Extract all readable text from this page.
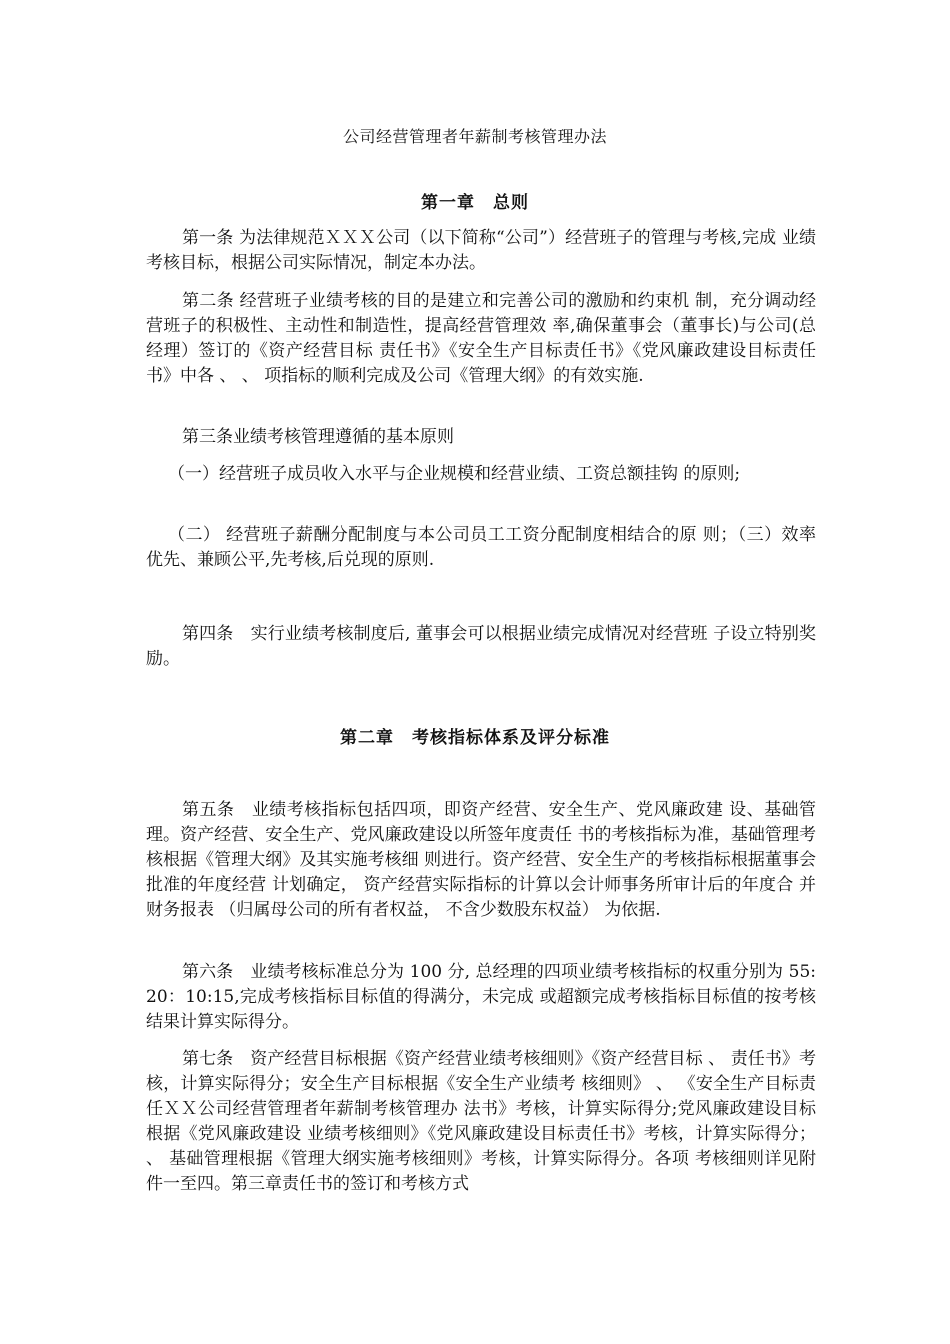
公司经营管理者年薪制考核管理办法
第一章　总则
第一条 为法律规范ＸＸＸ公司（以下简称“公司”）经营班子的管理与考核,完成 业绩考核目标，根据公司实际情况，制定本办法。
第二条 经营班子业绩考核的目的是建立和完善公司的激励和约束机 制，充分调动经营班子的积极性、主动性和制造性，提高经营管理效 率,确保董事会（董事长)与公司(总经理）签订的《资产经营目标 责任书》《安全生产目标责任书》《党风廉政建设目标责任书》中各 、 、 项指标的顺利完成及公司《管理大纲》的有效实施.
第三条业绩考核管理遵循的基本原则
（一）经营班子成员收入水平与企业规模和经营业绩、工资总额挂钩 的原则;
（二） 经营班子薪酬分配制度与本公司员工工资分配制度相结合的原 则；（三）效率优先、兼顾公平,先考核,后兑现的原则.
第四条　实行业绩考核制度后, 董事会可以根据业绩完成情况对经营班 子设立特别奖励。
第二章　考核指标体系及评分标准
第五条　业绩考核指标包括四项，即资产经营、安全生产、党风廉政建 设、基础管理。资产经营、安全生产、党风廉政建设以所签年度责任 书的考核指标为准，基础管理考核根据《管理大纲》及其实施考核细 则进行。资产经营、安全生产的考核指标根据董事会批准的年度经营 计划确定， 资产经营实际指标的计算以会计师事务所审计后的年度合 并财务报表 （归属母公司的所有者权益， 不含少数股东权益） 为依据.
第六条　业绩考核标准总分为 100 分, 总经理的四项业绩考核指标的权重分别为 55:20：10:15,完成考核指标目标值的得满分，未完成 或超额完成考核指标目标值的按考核结果计算实际得分。
第七条　资产经营目标根据《资产经营业绩考核细则》《资产经营目标 、 责任书》考核，计算实际得分；安全生产目标根据《安全生产业绩考 核细则》 、 《安全生产目标责任ＸＸ公司经营管理者年薪制考核管理办 法书》考核，计算实际得分;党风廉政建设目标根据《党风廉政建设 业绩考核细则》《党风廉政建设目标责任书》考核，计算实际得分； 、 基础管理根据《管理大纲实施考核细则》考核，计算实际得分。各项 考核细则详见附件一至四。第三章责任书的签订和考核方式
